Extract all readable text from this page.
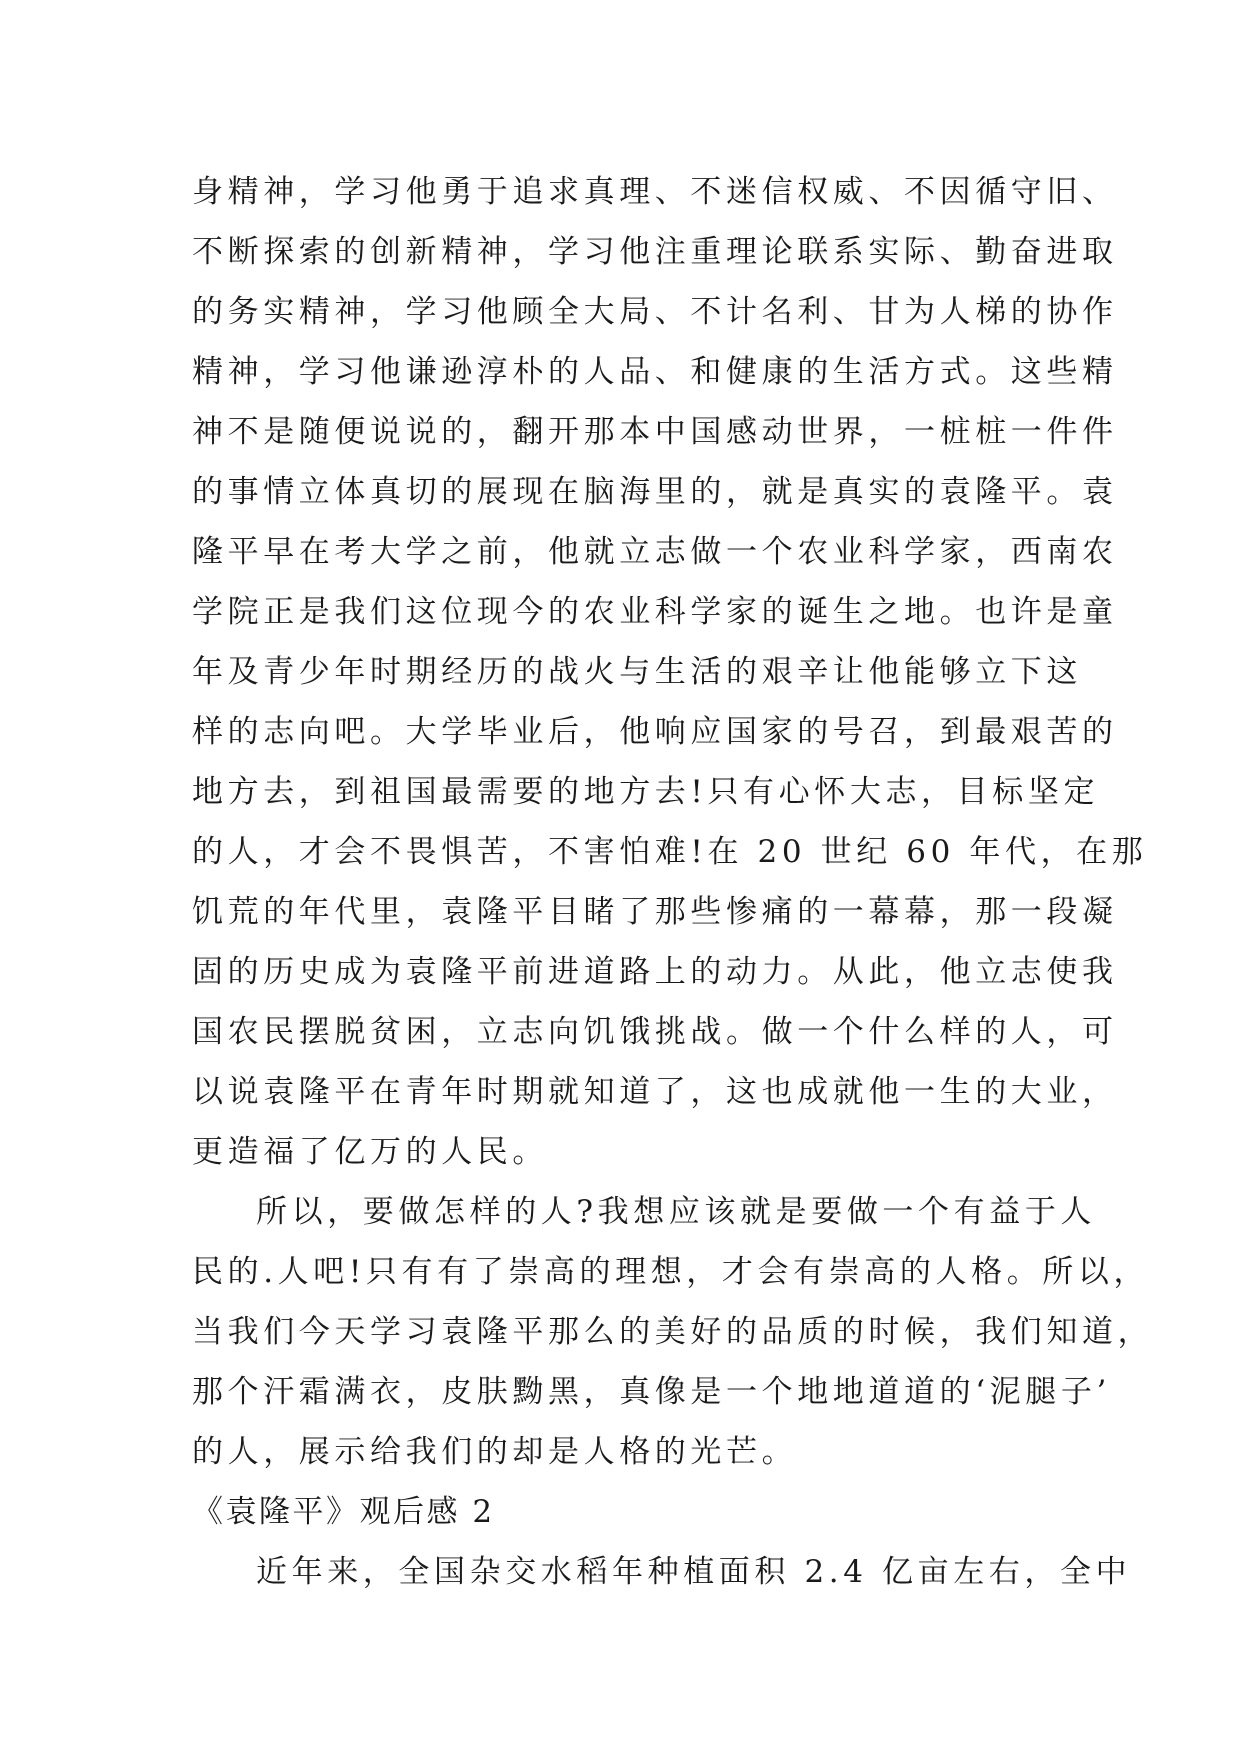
身精神，学习他勇于追求真理、不迷信权威、不因循守旧、
不断探索的创新精神，学习他注重理论联系实际、勤奋进取
的务实精神，学习他顾全大局、不计名利、甘为人梯的协作
精神，学习他谦逊淳朴的人品、和健康的生活方式。这些精
神不是随便说说的，翻开那本中国感动世界，一桩桩一件件
的事情立体真切的展现在脑海里的，就是真实的袁隆平。袁
隆平早在考大学之前，他就立志做一个农业科学家，西南农
学院正是我们这位现今的农业科学家的诞生之地。也许是童
年及青少年时期经历的战火与生活的艰辛让他能够立下这
样的志向吧。大学毕业后，他响应国家的号召，到最艰苦的
地方去，到祖国最需要的地方去!只有心怀大志，目标坚定
的人，才会不畏惧苦，不害怕难!在 20 世纪 60 年代，在那
饥荒的年代里，袁隆平目睹了那些惨痛的一幕幕，那一段凝
固的历史成为袁隆平前进道路上的动力。从此，他立志使我
国农民摆脱贫困，立志向饥饿挑战。做一个什么样的人，可
以说袁隆平在青年时期就知道了，这也成就他一生的大业，
更造福了亿万的人民。
所以，要做怎样的人?我想应该就是要做一个有益于人
民的.人吧!只有有了崇高的理想，才会有崇高的人格。所以，
当我们今天学习袁隆平那么的美好的品质的时候，我们知道，
那个汗霜满衣，皮肤黝黑，真像是一个地地道道的‘泥腿子’
的人，展示给我们的却是人格的光芒。
《袁隆平》观后感 2
近年来，全国杂交水稻年种植面积 2.4 亿亩左右，全中
